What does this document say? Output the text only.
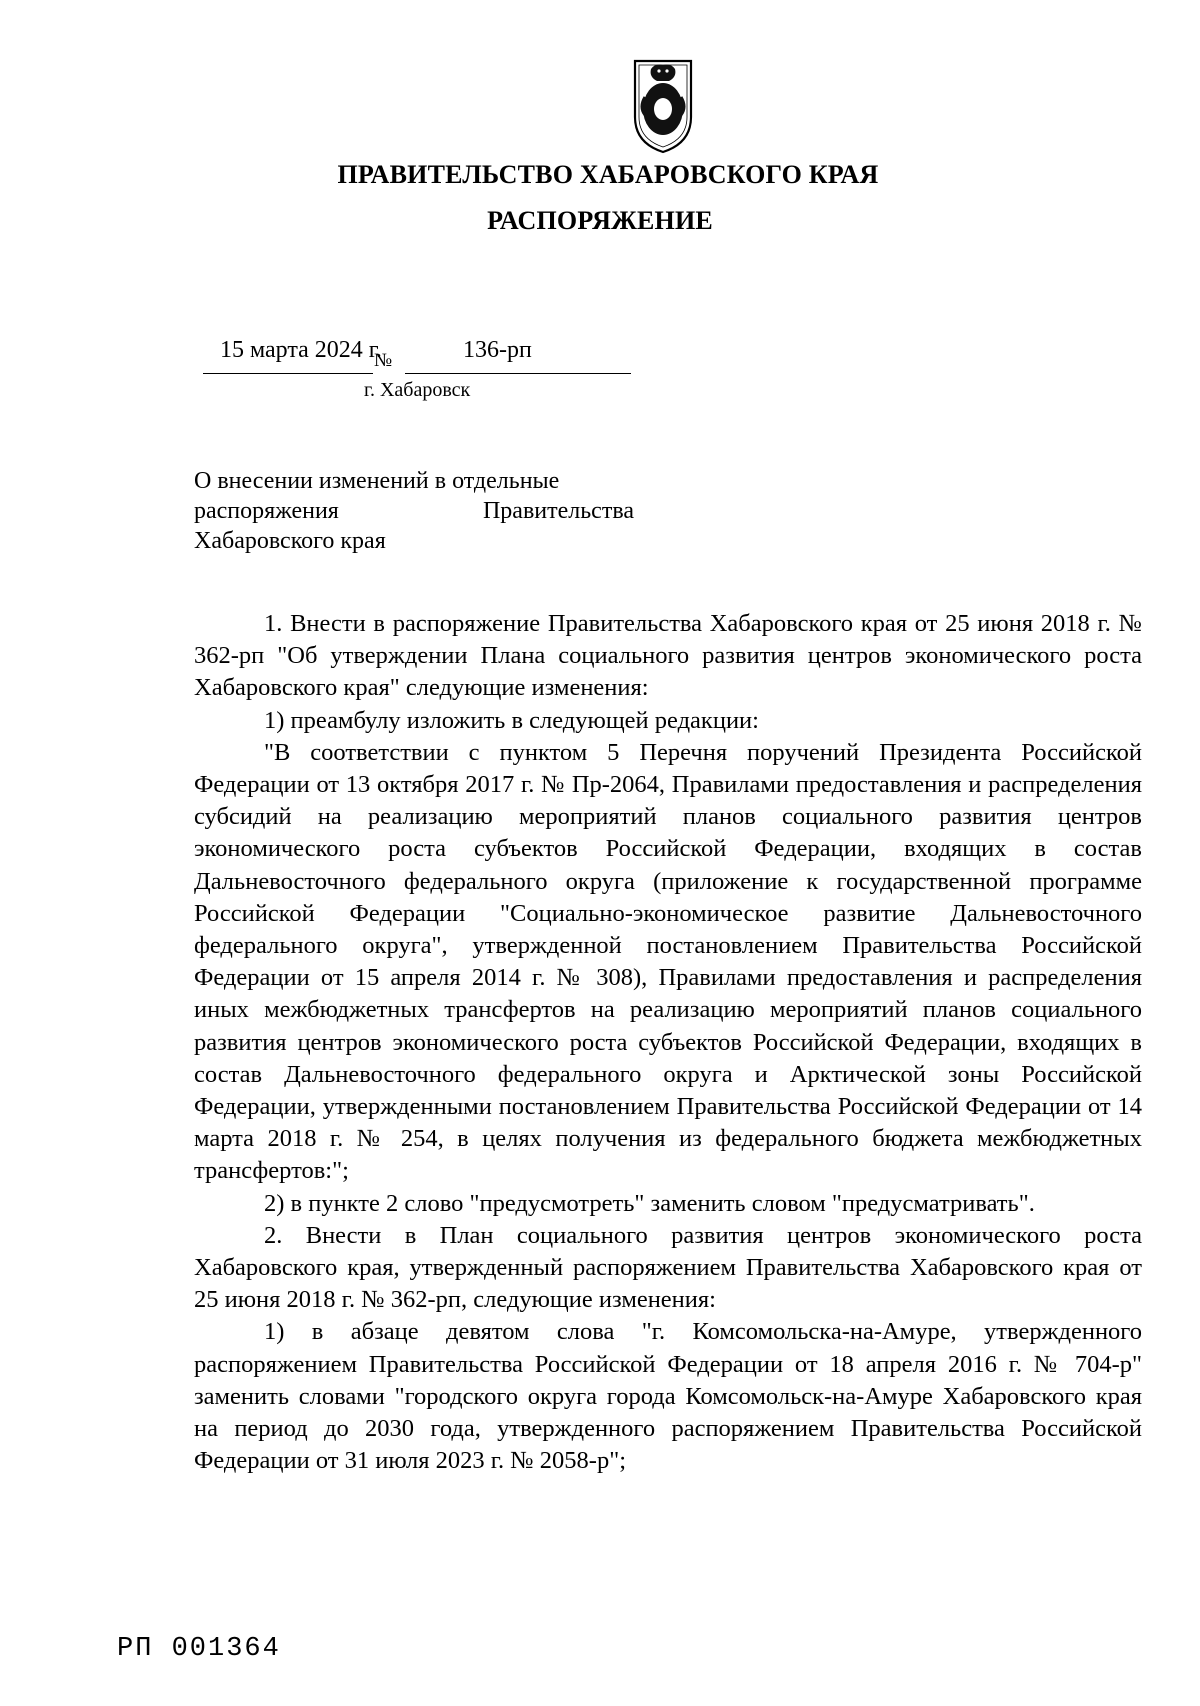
ПРАВИТЕЛЬСТВО ХАБАРОВСКОГО КРАЯ
РАСПОРЯЖЕНИЕ
15 марта 2024 г.
№	136-рп
г. Хабаровск
О внесении изменений в отдельные
распоряжения Правительства
Хабаровского края

1. Внести в распоряжение Правительства Хабаровского края от 25 июня 2018 г. № 362-рп "Об утверждении Плана социального развития центров экономического роста Хабаровского края" следующие изменения:

1) преамбулу изложить в следующей редакции:

"В соответствии с пунктом 5 Перечня поручений Президента Российской Федерации от 13 октября 2017 г. № Пр-2064, Правилами предоставления и распределения субсидий на реализацию мероприятий планов социального развития центров экономического роста субъектов Российской Федерации, входящих в состав Дальневосточного федерального округа (приложение к государственной программе Российской Федерации "Социально-экономическое развитие Дальневосточного федерального округа", утвержденной постановлением Правительства Российской Федерации от 15 апреля 2014 г. № 308), Правилами предоставления и распределения иных межбюджетных трансфертов на реализацию мероприятий планов социального развития центров экономического роста субъектов Российской Федерации, входящих в состав Дальневосточного федерального округа и Арктической зоны Российской Федерации, утвержденными постановлением Правительства Российской Федерации от 14 марта 2018 г. № 254, в целях получения из федерального бюджета межбюджетных трансфертов:";

2) в пункте 2 слово "предусмотреть" заменить словом "предусматривать".

2. Внести в План социального развития центров экономического роста Хабаровского края, утвержденный распоряжением Правительства Хабаровского края от 25 июня 2018 г. № 362-рп, следующие изменения:

1) в абзаце девятом слова "г. Комсомольска-на-Амуре, утвержденного распоряжением Правительства Российской Федерации от 18 апреля 2016 г. № 704-р" заменить словами "городского округа города Комсомольск-на-Амуре Хабаровского края на период до 2030 года, утвержденного распоряжением Правительства Российской Федерации от 31 июля 2023 г. № 2058-р";

РП 001364
